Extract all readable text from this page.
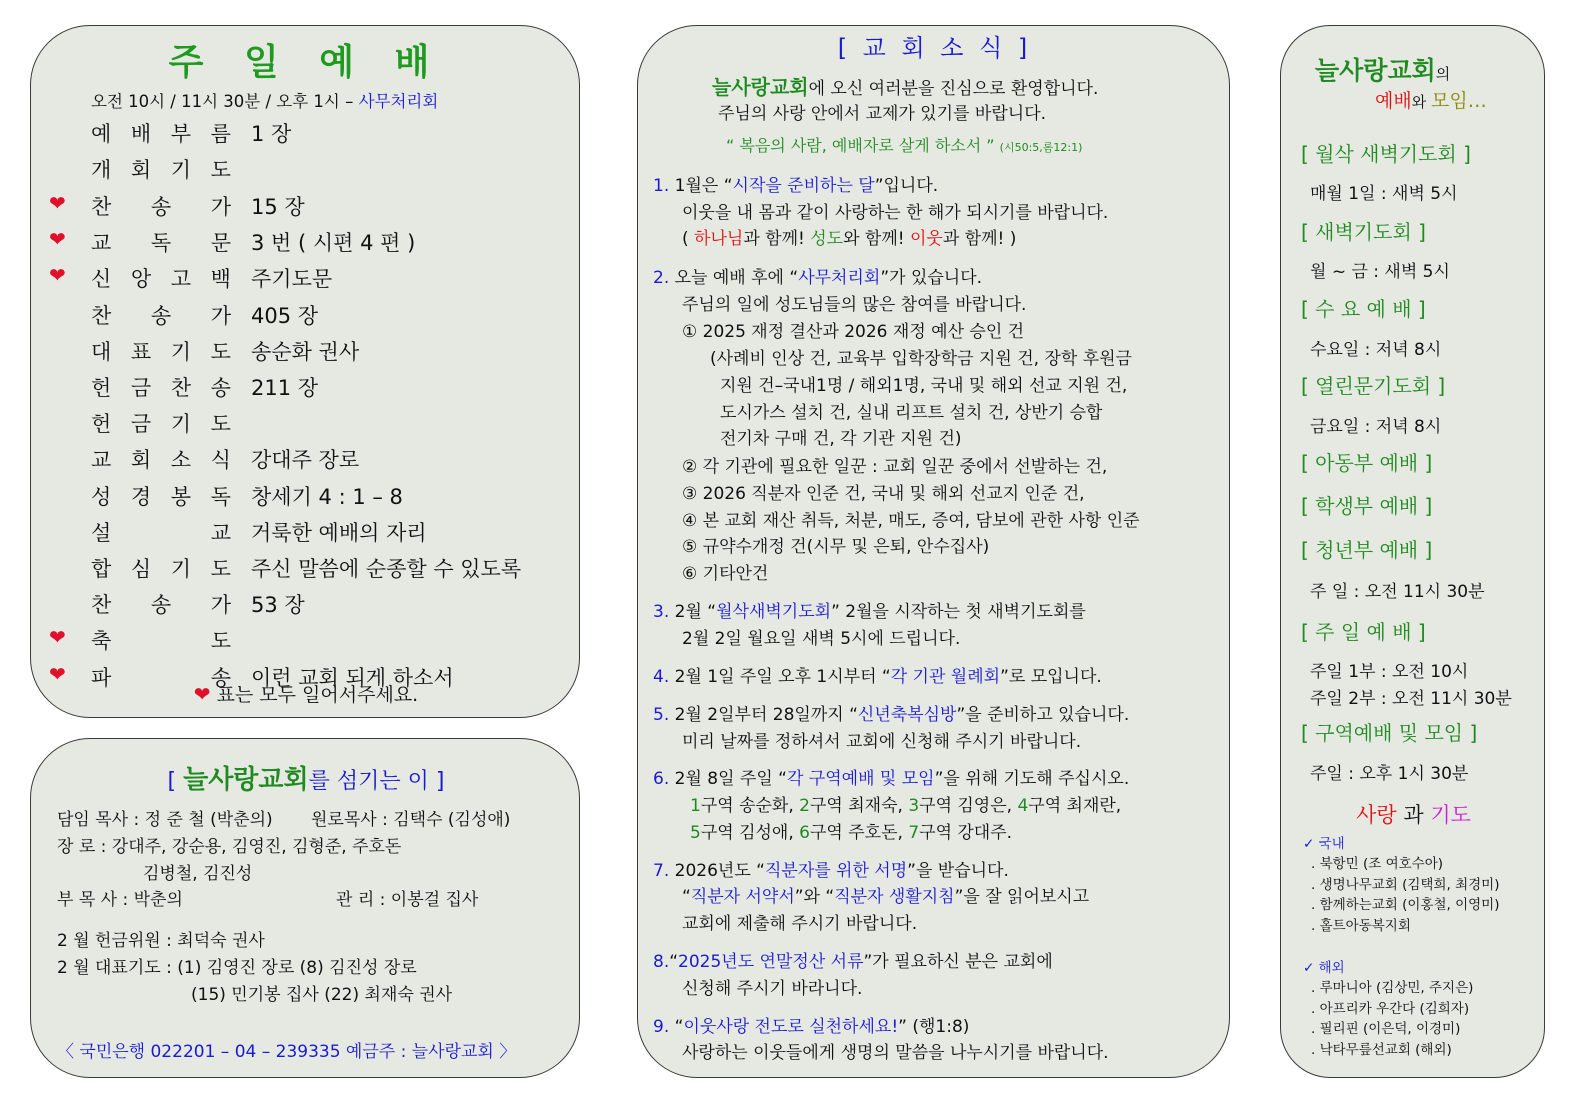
주 일 예 배
오전 10시 / 11시 30분 / 오후 1시 – 사무처리회
예 배 부 름 1 장
개 회 기 도
❤ 찬 송 가 15 장
❤ 교 독 문 3 번 ( 시편 4 편 )
❤ 신 앙 고 백 주기도문
찬 송 가 405 장
대 표 기 도 송순화 권사
헌 금 찬 송 211 장
헌 금 기 도
교 회 소 식 강대주 장로
성 경 봉 독 창세기 4 : 1 – 8
설	교 거룩한 예배의 자리
합 심 기 도 주신 말씀에 순종할 수 있도록
찬 송 가 53 장
❤ 축	도
❤ 파	송 이런 교회 되게 하소서
❤ 표는 모두 일어서주세요.
[ 늘사랑교회를 섬기는 이 ]
담임 목사 : 정 준 철 (박춘의) 원로목사 : 김택수 (김성애)
장 로 : 강대주, 강순용, 김영진, 김형준, 주호돈
김병철, 김진성
부 목 사 : 박춘의	관 리 : 이봉걸 집사
2 월 헌금위원 : 최덕숙 권사
2 월 대표기도 : (1) 김영진 장로 (8) 김진성 장로
(15) 민기봉 집사 (22) 최재숙 권사
〈 국민은행 022201 – 04 – 239335 예금주 : 늘사랑교회 〉
[ 교 회 소 식 ]
늘사랑교회에 오신 여러분을 진심으로 환영합니다.
주님의 사랑 안에서 교제가 있기를 바랍니다.
“ 복음의 사람, 예배자로 살게 하소서 ” (시50:5,롬12:1)
1. 1월은 “시작을 준비하는 달”입니다.
이웃을 내 몸과 같이 사랑하는 한 해가 되시기를 바랍니다.
( 하나님과 함께! 성도와 함께! 이웃과 함께! )
2. 오늘 예배 후에 “사무처리회”가 있습니다.
주님의 일에 성도님들의 많은 참여를 바랍니다.
① 2025 재정 결산과 2026 재정 예산 승인 건
(사례비 인상 건, 교육부 입학장학금 지원 건, 장학 후원금
지원 건–국내1명 / 해외1명, 국내 및 해외 선교 지원 건,
도시가스 설치 건, 실내 리프트 설치 건, 상반기 승합
전기차 구매 건, 각 기관 지원 건)
② 각 기관에 필요한 일꾼 : 교회 일꾼 중에서 선발하는 건,
③ 2026 직분자 인준 건, 국내 및 해외 선교지 인준 건,
④ 본 교회 재산 취득, 처분, 매도, 증여, 담보에 관한 사항 인준
⑤ 규약수개정 건(시무 및 은퇴, 안수집사)
⑥ 기타안건
3. 2월 “월삭새벽기도회” 2월을 시작하는 첫 새벽기도회를
2월 2일 월요일 새벽 5시에 드립니다.
4. 2월 1일 주일 오후 1시부터 “각 기관 월례회”로 모입니다.
5. 2월 2일부터 28일까지 “신년축복심방”을 준비하고 있습니다.
미리 날짜를 정하셔서 교회에 신청해 주시기 바랍니다.
6. 2월 8일 주일 “각 구역예배 및 모임”을 위해 기도해 주십시오.
1구역 송순화, 2구역 최재숙, 3구역 김영은, 4구역 최재란,
5구역 김성애, 6구역 주호돈, 7구역 강대주.
7. 2026년도 “직분자를 위한 서명”을 받습니다.
“직분자 서약서”와 “직분자 생활지침”을 잘 읽어보시고
교회에 제출해 주시기 바랍니다.
8.“2025년도 연말정산 서류”가 필요하신 분은 교회에
신청해 주시기 바라니다.
9. “이웃사랑 전도로 실천하세요!” (행1:8)
사랑하는 이웃들에게 생명의 말씀을 나누시기를 바랍니다.
늘사랑교회의
예배와 모임…
[ 월삭 새벽기도회 ]
매월 1일 : 새벽 5시
[ 새벽기도회 ]
월 ~ 금 : 새벽 5시
[ 수 요 예 배 ]
수요일 : 저녁 8시
[ 열린문기도회 ]
금요일 : 저녁 8시
[ 아동부 예배 ]
[ 학생부 예배 ]
[ 청년부 예배 ]
주 일 : 오전 11시 30분
[ 주 일 예 배 ]
주일 1부 : 오전 10시
주일 2부 : 오전 11시 30분
[ 구역예배 및 모임 ]
주일 : 오후 1시 30분
사랑 과 기도
✓ 국내
. 북항민 (조 여호수아)
. 생명나무교회 (김택희, 최경미)
. 함께하는교회 (이홍철, 이영미)
. 홀트아동복지회
✓ 해외
. 루마니아 (김상민, 주지은)
. 아프리카 우간다 (김희자)
. 필리핀 (이은덕, 이경미)
. 낙타무릎선교회 (해외)
